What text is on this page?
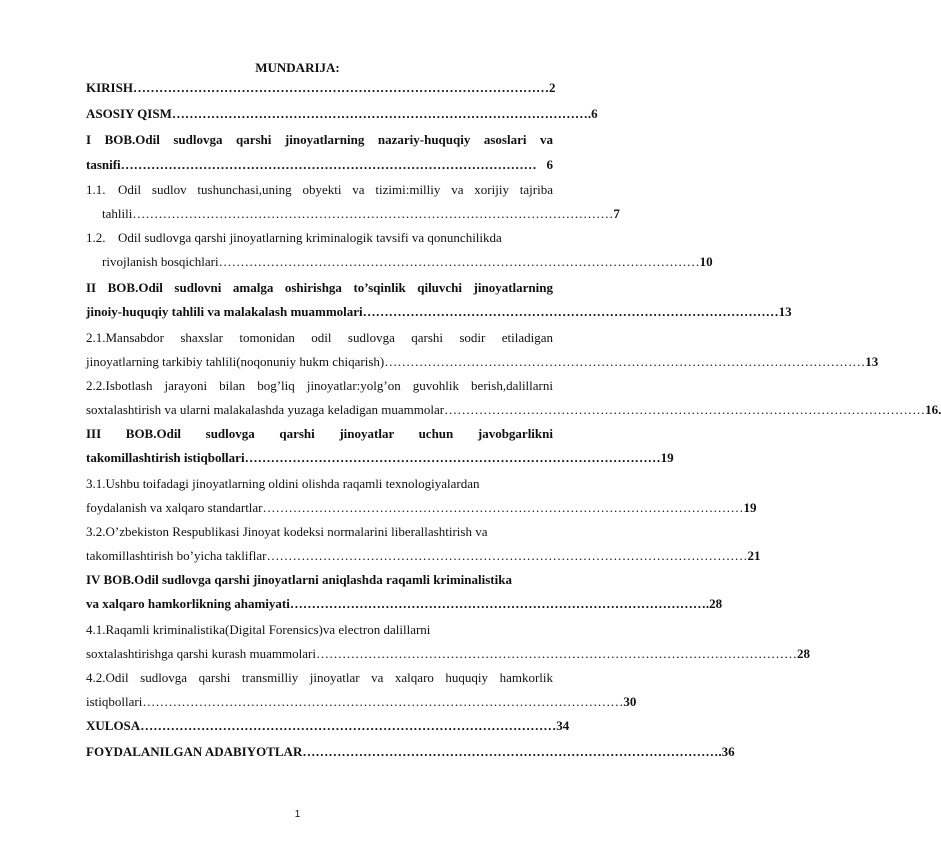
MUNDARIJA:
KIRISH …………………………………………………………………………………… 2
ASOSIY QISM …………………………………………………………………………………… .6
I BOB.Odil sudlovga qarshi jinoyatlarning nazariy-huquqiy asoslari va
tasnifi …………………………………………………………………………………… 6
1.1. Odil sudlov tushunchasi,uning obyekti va tizimi:milliy va xorijiy tajriba
tahlili ………………………………………………………………………………………………… 7
1.2. Odil sudlovga qarshi jinoyatlarning kriminalogik tavsifi va qonunchilikda
rivojlanish bosqichlari ………………………………………………………………………………………………… 10
II BOB.Odil sudlovni amalga oshirishga to’sqinlik qiluvchi jinoyatlarning
jinoiy-huquqiy tahlili va malakalash muammolari …………………………………………………………………………………… 13
2.1.Mansabdor shaxslar tomonidan odil sudlovga qarshi sodir etiladigan
jinoyatlarning tarkibiy tahlili(noqonuniy hukm chiqarish) ………………………………………………………………………………………………… 13
2.2.Isbotlash jarayoni bilan bog’liq jinoyatlar:yolg’on guvohlik berish,dalillarni
soxtalashtirish va ularni malakalashda yuzaga keladigan muammolar ………………………………………………………………………………………………… 16.
III BOB.Odil sudlovga qarshi jinoyatlar uchun javobgarlikni
takomillashtirish istiqbollari …………………………………………………………………………………… 19
3.1.Ushbu toifadagi jinoyatlarning oldini olishda raqamli texnologiyalardan
foydalanish va xalqaro standartlar ………………………………………………………………………………………………… 19
3.2.O’zbekiston Respublikasi Jinoyat kodeksi normalarini liberallashtirish va
takomillashtirish bo’yicha takliflar ………………………………………………………………………………………………… 21
IV BOB.Odil sudlovga qarshi jinoyatlarni aniqlashda raqamli kriminalistika
va xalqaro hamkorlikning ahamiyati …………………………………………………………………………………… .28
4.1.Raqamli kriminalistika(Digital Forensics)va electron dalillarni
soxtalashtirishga qarshi kurash muammolari ………………………………………………………………………………………………… 28
4.2.Odil sudlovga qarshi transmilliy jinoyatlar va xalqaro huquqiy hamkorlik
istiqbollari ………………………………………………………………………………………………… 30
XULOSA …………………………………………………………………………………… 34
FOYDALANILGAN ADABIYOTLAR …………………………………………………………………………………… .36
1
